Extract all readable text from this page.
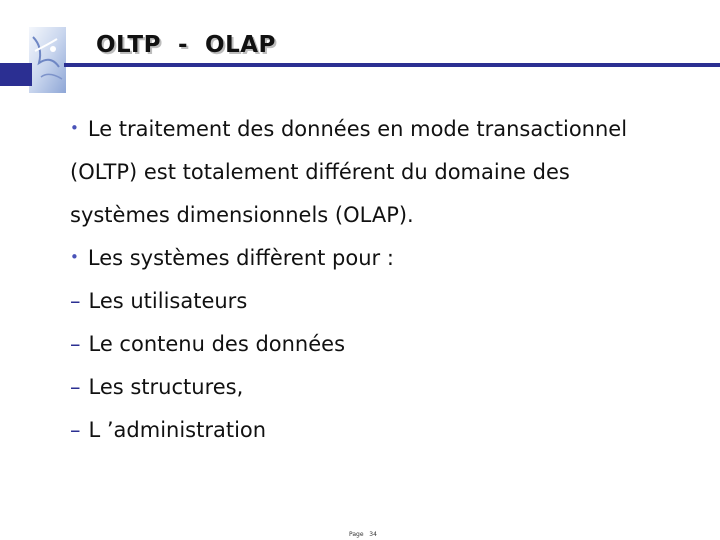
OLTP  -  OLAP
• Le traitement des données en mode transactionnel
(OLTP) est totalement différent du domaine des
systèmes dimensionnels (OLAP).
• Les systèmes diffèrent pour :
– Les utilisateurs
– Le contenu des données
– Les structures,
– L ’administration
Page 34
